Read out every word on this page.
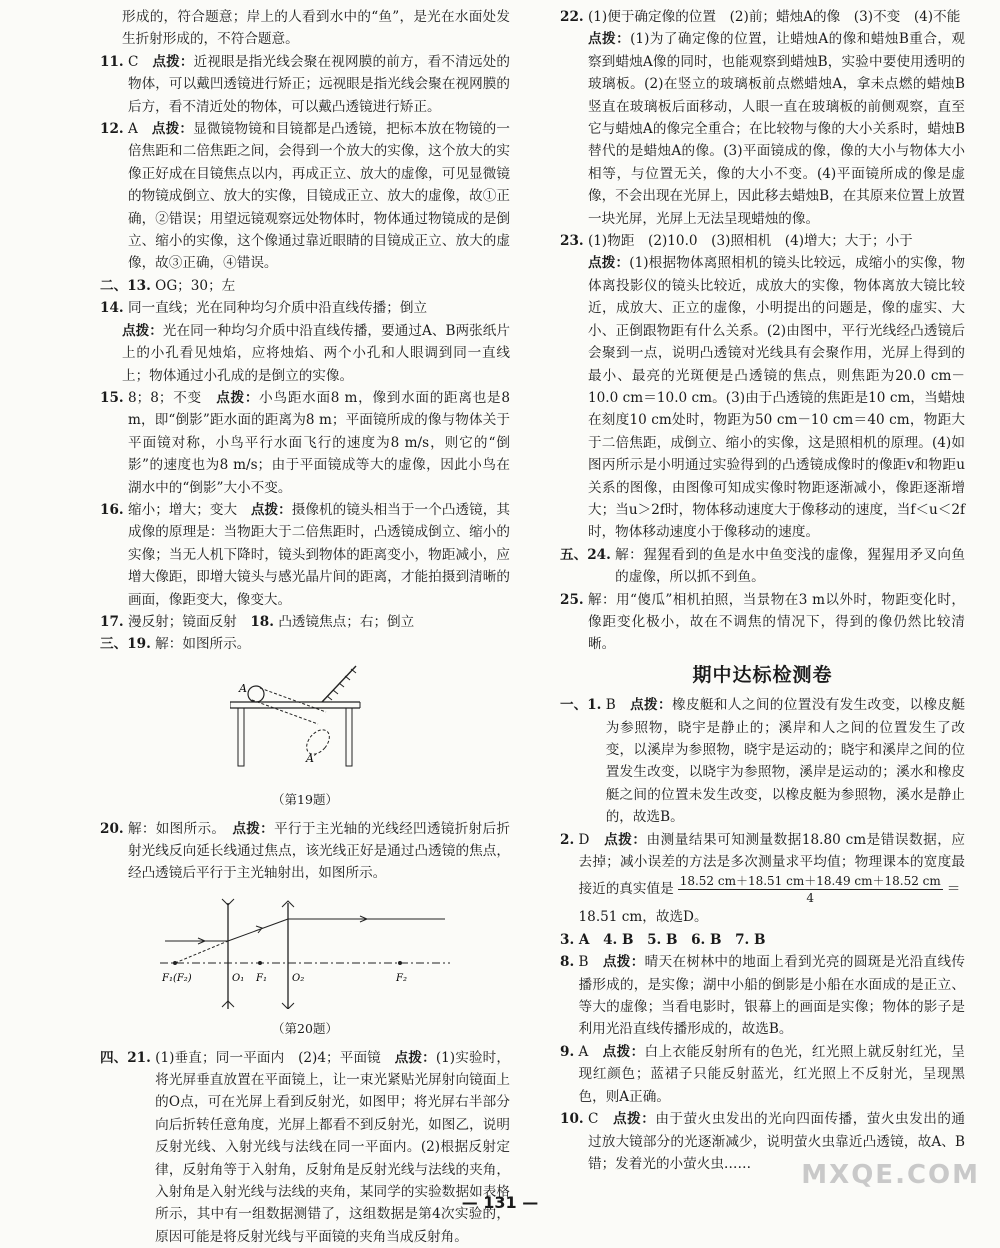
形成的，符合题意；岸上的人看到水中的“鱼”，是光在水面处发生折射形成的，不符合题意。
11.
C　 点拨：近视眼是指光线会聚在视网膜的前方，看不清远处的物体，可以戴凹透镜进行矫正；远视眼是指光线会聚在视网膜的后方，看不清近处的物体，可以戴凸透镜进行矫正。
12.
A　 点拨：显微镜物镜和目镜都是凸透镜，把标本放在物镜的一倍焦距和二倍焦距之间，会得到一个放大的实像，这个放大的实像正好成在目镜焦点以内，再成正立、放大的虚像，可见显微镜的物镜成倒立、放大的实像，目镜成正立、放大的虚像，故①正确，②错误；用望远镜观察远处物体时，物体通过物镜成的是倒立、缩小的实像，这个像通过靠近眼睛的目镜成正立、放大的虚像，故③正确，④错误。
二、 13.
OG；30；左
14.
同一直线；光在同种均匀介质中沿直线传播；倒立
点拨：光在同一种均匀介质中沿直线传播，要通过A、B两张纸片上的小孔看见烛焰，应将烛焰、两个小孔和人眼调到同一直线上；物体通过小孔成的是倒立的实像。
15.
8；8；不变　 点拨：小鸟距水面8 m，像到水面的距离也是8 m，即“倒影”距水面的距离为8 m；平面镜所成的像与物体关于平面镜对称，小鸟平行水面飞行的速度为8 m/s，则它的“倒影”的速度也为8 m/s；由于平面镜成等大的虚像，因此小鸟在湖水中的“倒影”大小不变。
16.
缩小；增大；变大　 点拨：摄像机的镜头相当于一个凸透镜，其成像的原理是：当物距大于二倍焦距时，凸透镜成倒立、缩小的实像；当无人机下降时，镜头到物体的距离变小，物距减小，应增大像距，即增大镜头与感光晶片间的距离，才能拍摄到清晰的画面，像距变大，像变大。
17.
漫反射；镜面反射
　 18.
凸透镜焦点；右；倒立
三、 19.
解：如图所示。
A
A′
（第19题）
20.
解：如图所示。　 点拨：平行于主光轴的光线经凹透镜折射后折射光线反向延长线通过焦点，该光线正好是通过凸透镜的焦点，经凸透镜后平行于主光轴射出，如图所示。
F₁(F₂)	O₁ F₁	O₂	F₂
（第20题）
四、 21.
(1)垂直；同一平面内　(2)4；平面镜　 点拨：(1)实验时，将光屏垂直放置在平面镜上，让一束光紧贴光屏射向镜面上的O点，可在光屏上看到反射光，如图甲；将光屏右半部分向后折转任意角度，光屏上都看不到反射光，如图乙，说明反射光线、入射光线与法线在同一平面内。(2)根据反射定律，反射角等于入射角，反射角是反射光线与法线的夹角，入射角是入射光线与法线的夹角，某同学的实验数据如表格所示，其中有一组数据测错了，这组数据是第4次实验的，原因可能是将反射光线与平面镜的夹角当成反射角。
22.
(1)便于确定像的位置　(2)前；蜡烛A的像　(3)不变　(4)不能
点拨：(1)为了确定像的位置，让蜡烛A的像和蜡烛B重合，观察到蜡烛A像的同时，也能观察到蜡烛B，实验中要使用透明的玻璃板。(2)在竖立的玻璃板前点燃蜡烛A，拿未点燃的蜡烛B竖直在玻璃板后面移动，人眼一直在玻璃板的前侧观察，直至它与蜡烛A的像完全重合；在比较物与像的大小关系时，蜡烛B替代的是蜡烛A的像。(3)平面镜成的像，像的大小与物体大小相等，与位置无关，像的大小不变。(4)平面镜所成的像是虚像，不会出现在光屏上，因此移去蜡烛B，在其原来位置上放置一块光屏，光屏上无法呈现蜡烛的像。
23.
(1)物距　(2)10.0　(3)照相机　(4)增大；大于；小于
点拨：(1)根据物体离照相机的镜头比较远，成缩小的实像，物体离投影仪的镜头比较近，成放大的实像，物体离放大镜比较近，成放大、正立的虚像，小明提出的问题是，像的虚实、大小、正倒跟物距有什么关系。(2)由图中，平行光线经凸透镜后会聚到一点，说明凸透镜对光线具有会聚作用，光屏上得到的最小、最亮的光斑便是凸透镜的焦点，则焦距为20.0 cm－10.0 cm＝10.0 cm。(3)由于凸透镜的焦距是10 cm，当蜡烛在刻度10 cm处时，物距为50 cm－10 cm＝40 cm，物距大于二倍焦距，成倒立、缩小的实像，这是照相机的原理。(4)如图丙所示是小明通过实验得到的凸透镜成像时的像距v和物距u关系的图像，由图像可知成实像时物距逐渐减小，像距逐渐增大；当u＞2f时，物体移动速度大于像移动的速度，当f＜u＜2f时，物体移动速度小于像移动的速度。
五、 24.
解：猩猩看到的鱼是水中鱼变浅的虚像，猩猩用矛叉向鱼的虚像，所以抓不到鱼。
25.
解：用“傻瓜”相机拍照，当景物在3 m以外时，物距变化时，像距变化极小，故在不调焦的情况下，得到的像仍然比较清晰。
期中达标检测卷
一、 1.
B　 点拨：橡皮艇和人之间的位置没有发生改变，以橡皮艇为参照物，晓宇是静止的；溪岸和人之间的位置发生了改变，以溪岸为参照物，晓宇是运动的；晓宇和溪岸之间的位置发生改变，以晓宇为参照物，溪岸是运动的；溪水和橡皮艇之间的位置未发生改变，以橡皮艇为参照物，溪水是静止的，故选B。
2.
D　 点拨：由测量结果可知测量数据18.80 cm是错误数据，应去掉；减小误差的方法是多次测量求平均值；物理课本的宽度最接近的真实值是 $\frac{18.52 cm+18.51 cm+18.49 cm+18.52 cm}{4}$ ＝
18.51 cm，故选D。
3. A　4. B　5. B　6. B　7. B
8.
B　 点拨：晴天在树林中的地面上看到光亮的圆斑是光沿直线传播形成的，是实像；湖中小船的倒影是小船在水面成的是正立、等大的虚像；当看电影时，银幕上的画面是实像；物体的影子是利用光沿直线传播形成的，故选B。
9.
A　 点拨：白上衣能反射所有的色光，红光照上就反射红光，呈现红颜色；蓝裙子只能反射蓝光，红光照上不反射光，呈现黑色，则A正确。
10.
C　 点拨：由于萤火虫发出的光向四面传播，萤火虫发出的通过放大镜部分的光逐渐减少，说明萤火虫靠近凸透镜，故A、B错；发着光的小萤火虫……
— 131 —
MXQE.COM
